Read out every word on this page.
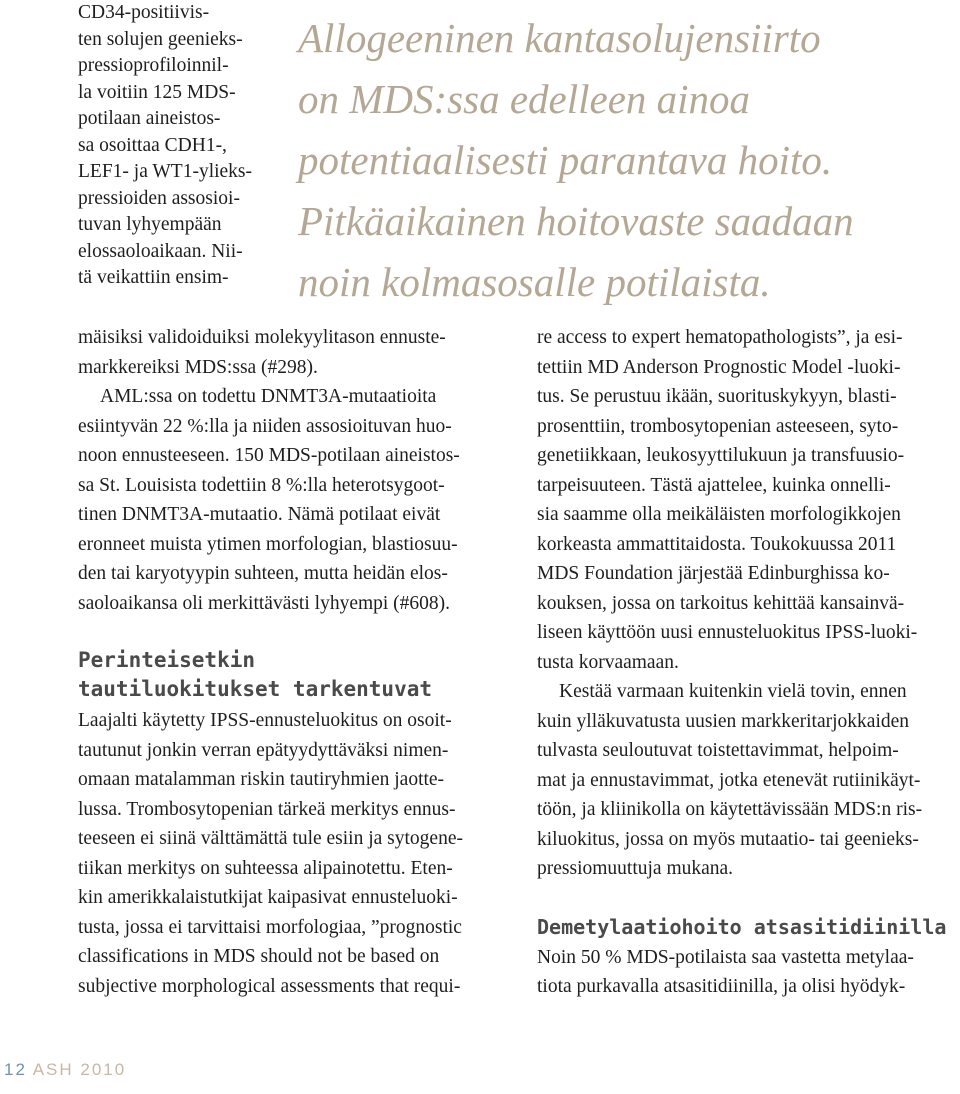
CD34-positiivis-
ten solujen geenieks-
pressioprofiloinnil-
la voitiin 125 MDS-
potilaan aineistos-
sa osoittaa CDH1-,
LEF1- ja WT1-ylieks-
pressioiden assosioi-
tuvan lyhyempään
elossaoloaikaan. Nii-
tä veikattiin ensim-
Allogeeninen kantasolujensiirto
on MDS:ssa edelleen ainoa
potentiaalisesti parantava hoito.
Pitkäaikainen hoitovaste saadaan
noin kolmasosalle potilaista.
mäisiksi validoiduiksi molekyylitason ennuste-
markkereiksi MDS:ssa (#298).
AML:ssa on todettu DNMT3A-mutaatioita
esiintyvän 22 %:lla ja niiden assosioituvan huo-
noon ennusteeseen. 150 MDS-potilaan aineistos-
sa St. Louisista todettiin 8 %:lla heterotsygoot-
tinen DNMT3A-mutaatio. Nämä potilaat eivät
eronneet muista ytimen morfologian, blastiosuu-
den tai karyotyypin suhteen, mutta heidän elos-
saoloaikansa oli merkittävästi lyhyempi (#608).
Perinteisetkin
tautiluokitukset tarkentuvat
Laajalti käytetty IPSS-ennusteluokitus on osoit-
tautunut jonkin verran epätyydyttäväksi nimen-
omaan matalamman riskin tautiryhmien jaotte-
lussa. Trombosytopenian tärkeä merkitys ennus-
teeseen ei siinä välttämättä tule esiin ja sytogene-
tiikan merkitys on suhteessa alipainotettu. Eten-
kin amerikkalaistutkijat kaipasivat ennusteluoki-
tusta, jossa ei tarvittaisi morfologiaa, ”prognostic
classifications in MDS should not be based on
subjective morphological assessments that requi-
re access to expert hematopathologists”, ja esi-
tettiin MD Anderson Prognostic Model -luoki-
tus. Se perustuu ikään, suorituskykyyn, blasti-
prosenttiin, trombosytopenian asteeseen, syto-
genetiikkaan, leukosyyttilukuun ja transfuusio-
tarpeisuuteen. Tästä ajattelee, kuinka onnelli-
sia saamme olla meikäläisten morfologikkojen
korkeasta ammattitaidosta. Toukokuussa 2011
MDS Foundation järjestää Edinburghissa ko-
kouksen, jossa on tarkoitus kehittää kansainvä-
liseen käyttöön uusi ennusteluokitus IPSS-luoki-
tusta korvaamaan.
Kestää varmaan kuitenkin vielä tovin, ennen
kuin ylläkuvatusta uusien markkeritarjokkaiden
tulvasta seuloutuvat toistettavimmat, helpoim-
mat ja ennustavimmat, jotka etenevät rutiinikäyt-
töön, ja kliinikolla on käytettävissään MDS:n ris-
kiluokitus, jossa on myös mutaatio- tai geenieks-
pressiomuuttuja mukana.
Demetylaatiohoito atsasitidiinilla
Noin 50 % MDS-potilaista saa vastetta metylaa-
tiota purkavalla atsasitidiinilla, ja olisi hyödyk-
12 ASH 2010
